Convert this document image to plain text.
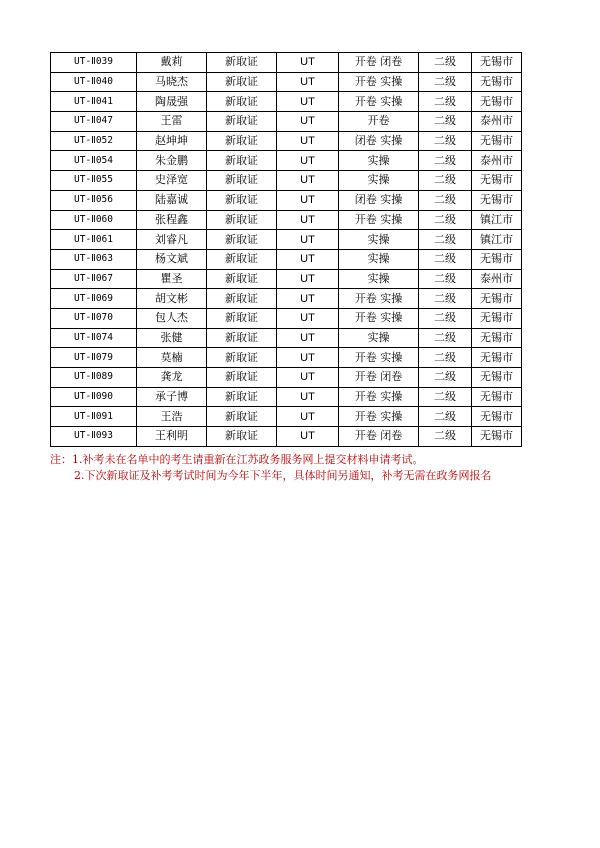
UT-Ⅱ039	戴莉	新取证	UT	开卷 闭卷	二级	无锡市
UT-Ⅱ040	马晓杰	新取证	UT	开卷 实操	二级	无锡市
UT-Ⅱ041	陶晟强	新取证	UT	开卷 实操	二级	无锡市
UT-Ⅱ047	王雷	新取证	UT	开卷	二级	泰州市
UT-Ⅱ052	赵坤坤	新取证	UT	闭卷 实操	二级	无锡市
UT-Ⅱ054	朱金鹏	新取证	UT	实操	二级	泰州市
UT-Ⅱ055	史泽宽	新取证	UT	实操	二级	无锡市
UT-Ⅱ056	陆嘉诚	新取证	UT	闭卷 实操	二级	无锡市
UT-Ⅱ060	张程鑫	新取证	UT	开卷 实操	二级	镇江市
UT-Ⅱ061	刘睿凡	新取证	UT	实操	二级	镇江市
UT-Ⅱ063	杨文斌	新取证	UT	实操	二级	无锡市
UT-Ⅱ067	瞿圣	新取证	UT	实操	二级	泰州市
UT-Ⅱ069	胡文彬	新取证	UT	开卷 实操	二级	无锡市
UT-Ⅱ070	包人杰	新取证	UT	开卷 实操	二级	无锡市
UT-Ⅱ074	张健	新取证	UT	实操	二级	无锡市
UT-Ⅱ079	莫楠	新取证	UT	开卷 实操	二级	无锡市
UT-Ⅱ089	龚龙	新取证	UT	开卷 闭卷	二级	无锡市
UT-Ⅱ090	承子博	新取证	UT	开卷 实操	二级	无锡市
UT-Ⅱ091	王浩	新取证	UT	开卷 实操	二级	无锡市
UT-Ⅱ093	王利明	新取证	UT	开卷 闭卷	二级	无锡市
注：1.补考未在名单中的考生请重新在江苏政务服务网上提交材料申请考试。
2.下次新取证及补考考试时间为今年下半年，具体时间另通知，补考无需在政务网报名
